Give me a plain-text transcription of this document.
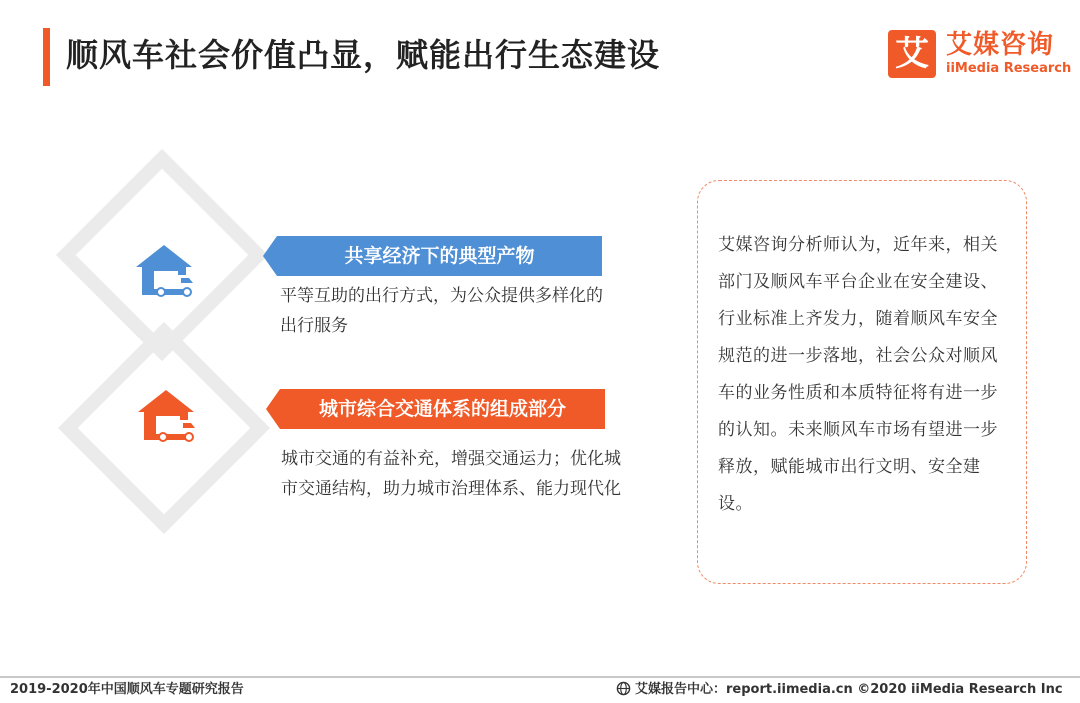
顺风车社会价值凸显，赋能出行生态建设	艾 艾媒咨询
iiMedia Research
共享经济下的典型产物
平等互助的出行方式，为公众提供多样化的出行服务
城市综合交通体系的组成部分
城市交通的有益补充，增强交通运力；优化城市交通结构，助力城市治理体系、能力现代化
艾媒咨询分析师认为，近年来，相关部门及顺风车平台企业在安全建设、行业标准上齐发力，随着顺风车安全规范的进一步落地，社会公众对顺风车的业务性质和本质特征将有进一步的认知。未来顺风车市场有望进一步释放，赋能城市出行文明、安全建设。
2019-2020年中国顺风车专题研究报告	艾媒报告中心：report.iimedia.cn ©2020 iiMedia Research Inc
